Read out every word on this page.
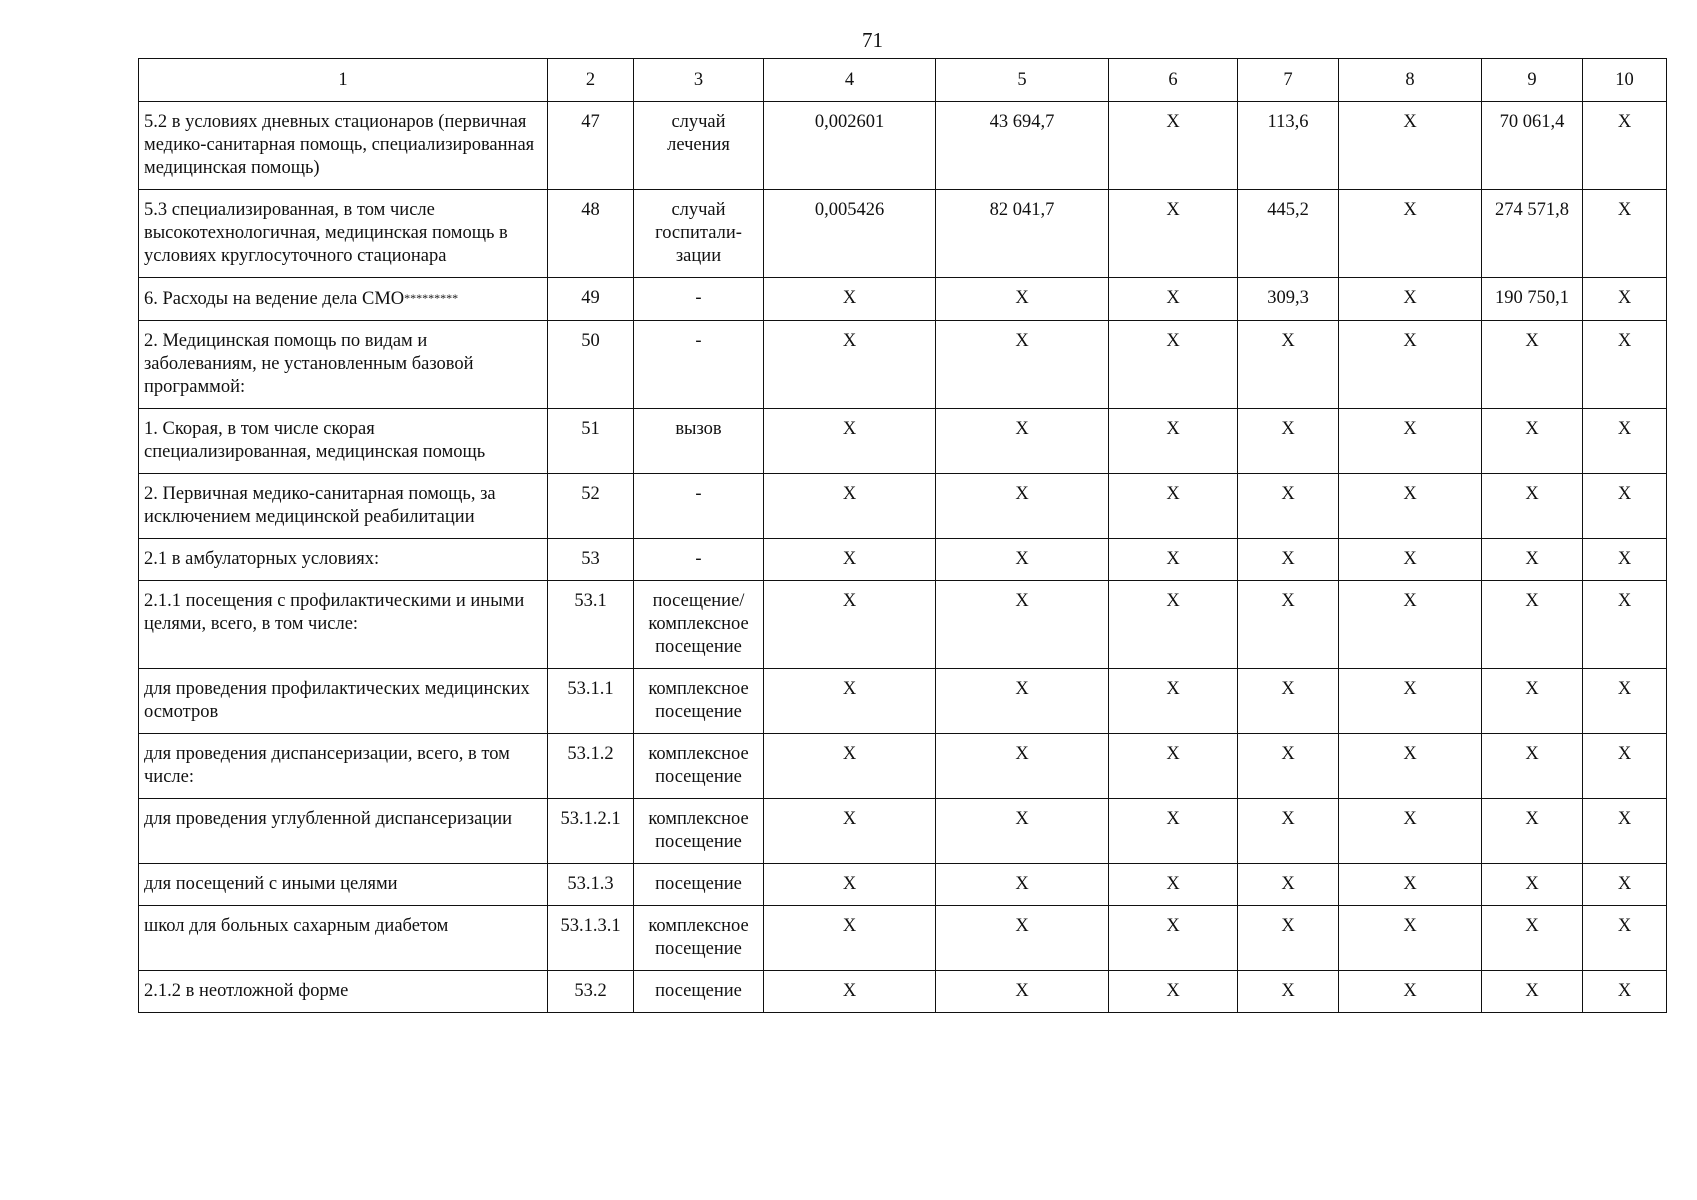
71
1	2	3	4	5	6	7	8	9	10
5.2 в условиях дневных стационаров (первичная медико-санитарная помощь, специализированная медицинская помощь)	47	случай лечения	0,002601	43 694,7	X	113,6	X	70 061,4	X
5.3 специализированная, в том числе высокотехнологичная, медицинская помощь в условиях круглосуточного стационара	48	случай госпитали-зации	0,005426	82 041,7	X	445,2	X	274 571,8	X
6. Расходы на ведение дела СМО*********	49	-	X	X	X	309,3	X	190 750,1	X
2. Медицинская помощь по видам и заболеваниям, не установленным базовой программой:	50	-	X	X	X	X	X	X	X
1. Скорая, в том числе скорая специализированная, медицинская помощь	51	вызов	X	X	X	X	X	X	X
2. Первичная медико-санитарная помощь, за исключением медицинской реабилитации	52	-	X	X	X	X	X	X	X
2.1 в амбулаторных условиях:	53	-	X	X	X	X	X	X	X
2.1.1 посещения с профилактическими и иными целями, всего, в том числе:	53.1	посещение/ комплексное посещение	X	X	X	X	X	X	X
для проведения профилактических медицинских осмотров	53.1.1	комплексное посещение	X	X	X	X	X	X	X
для проведения диспансеризации, всего, в том числе:	53.1.2	комплексное посещение	X	X	X	X	X	X	X
для проведения углубленной диспансеризации	53.1.2.1	комплексное посещение	X	X	X	X	X	X	X
для посещений с иными целями	53.1.3	посещение	X	X	X	X	X	X	X
школ для больных сахарным диабетом	53.1.3.1	комплексное посещение	X	X	X	X	X	X	X
2.1.2 в неотложной форме	53.2	посещение	X	X	X	X	X	X	X
